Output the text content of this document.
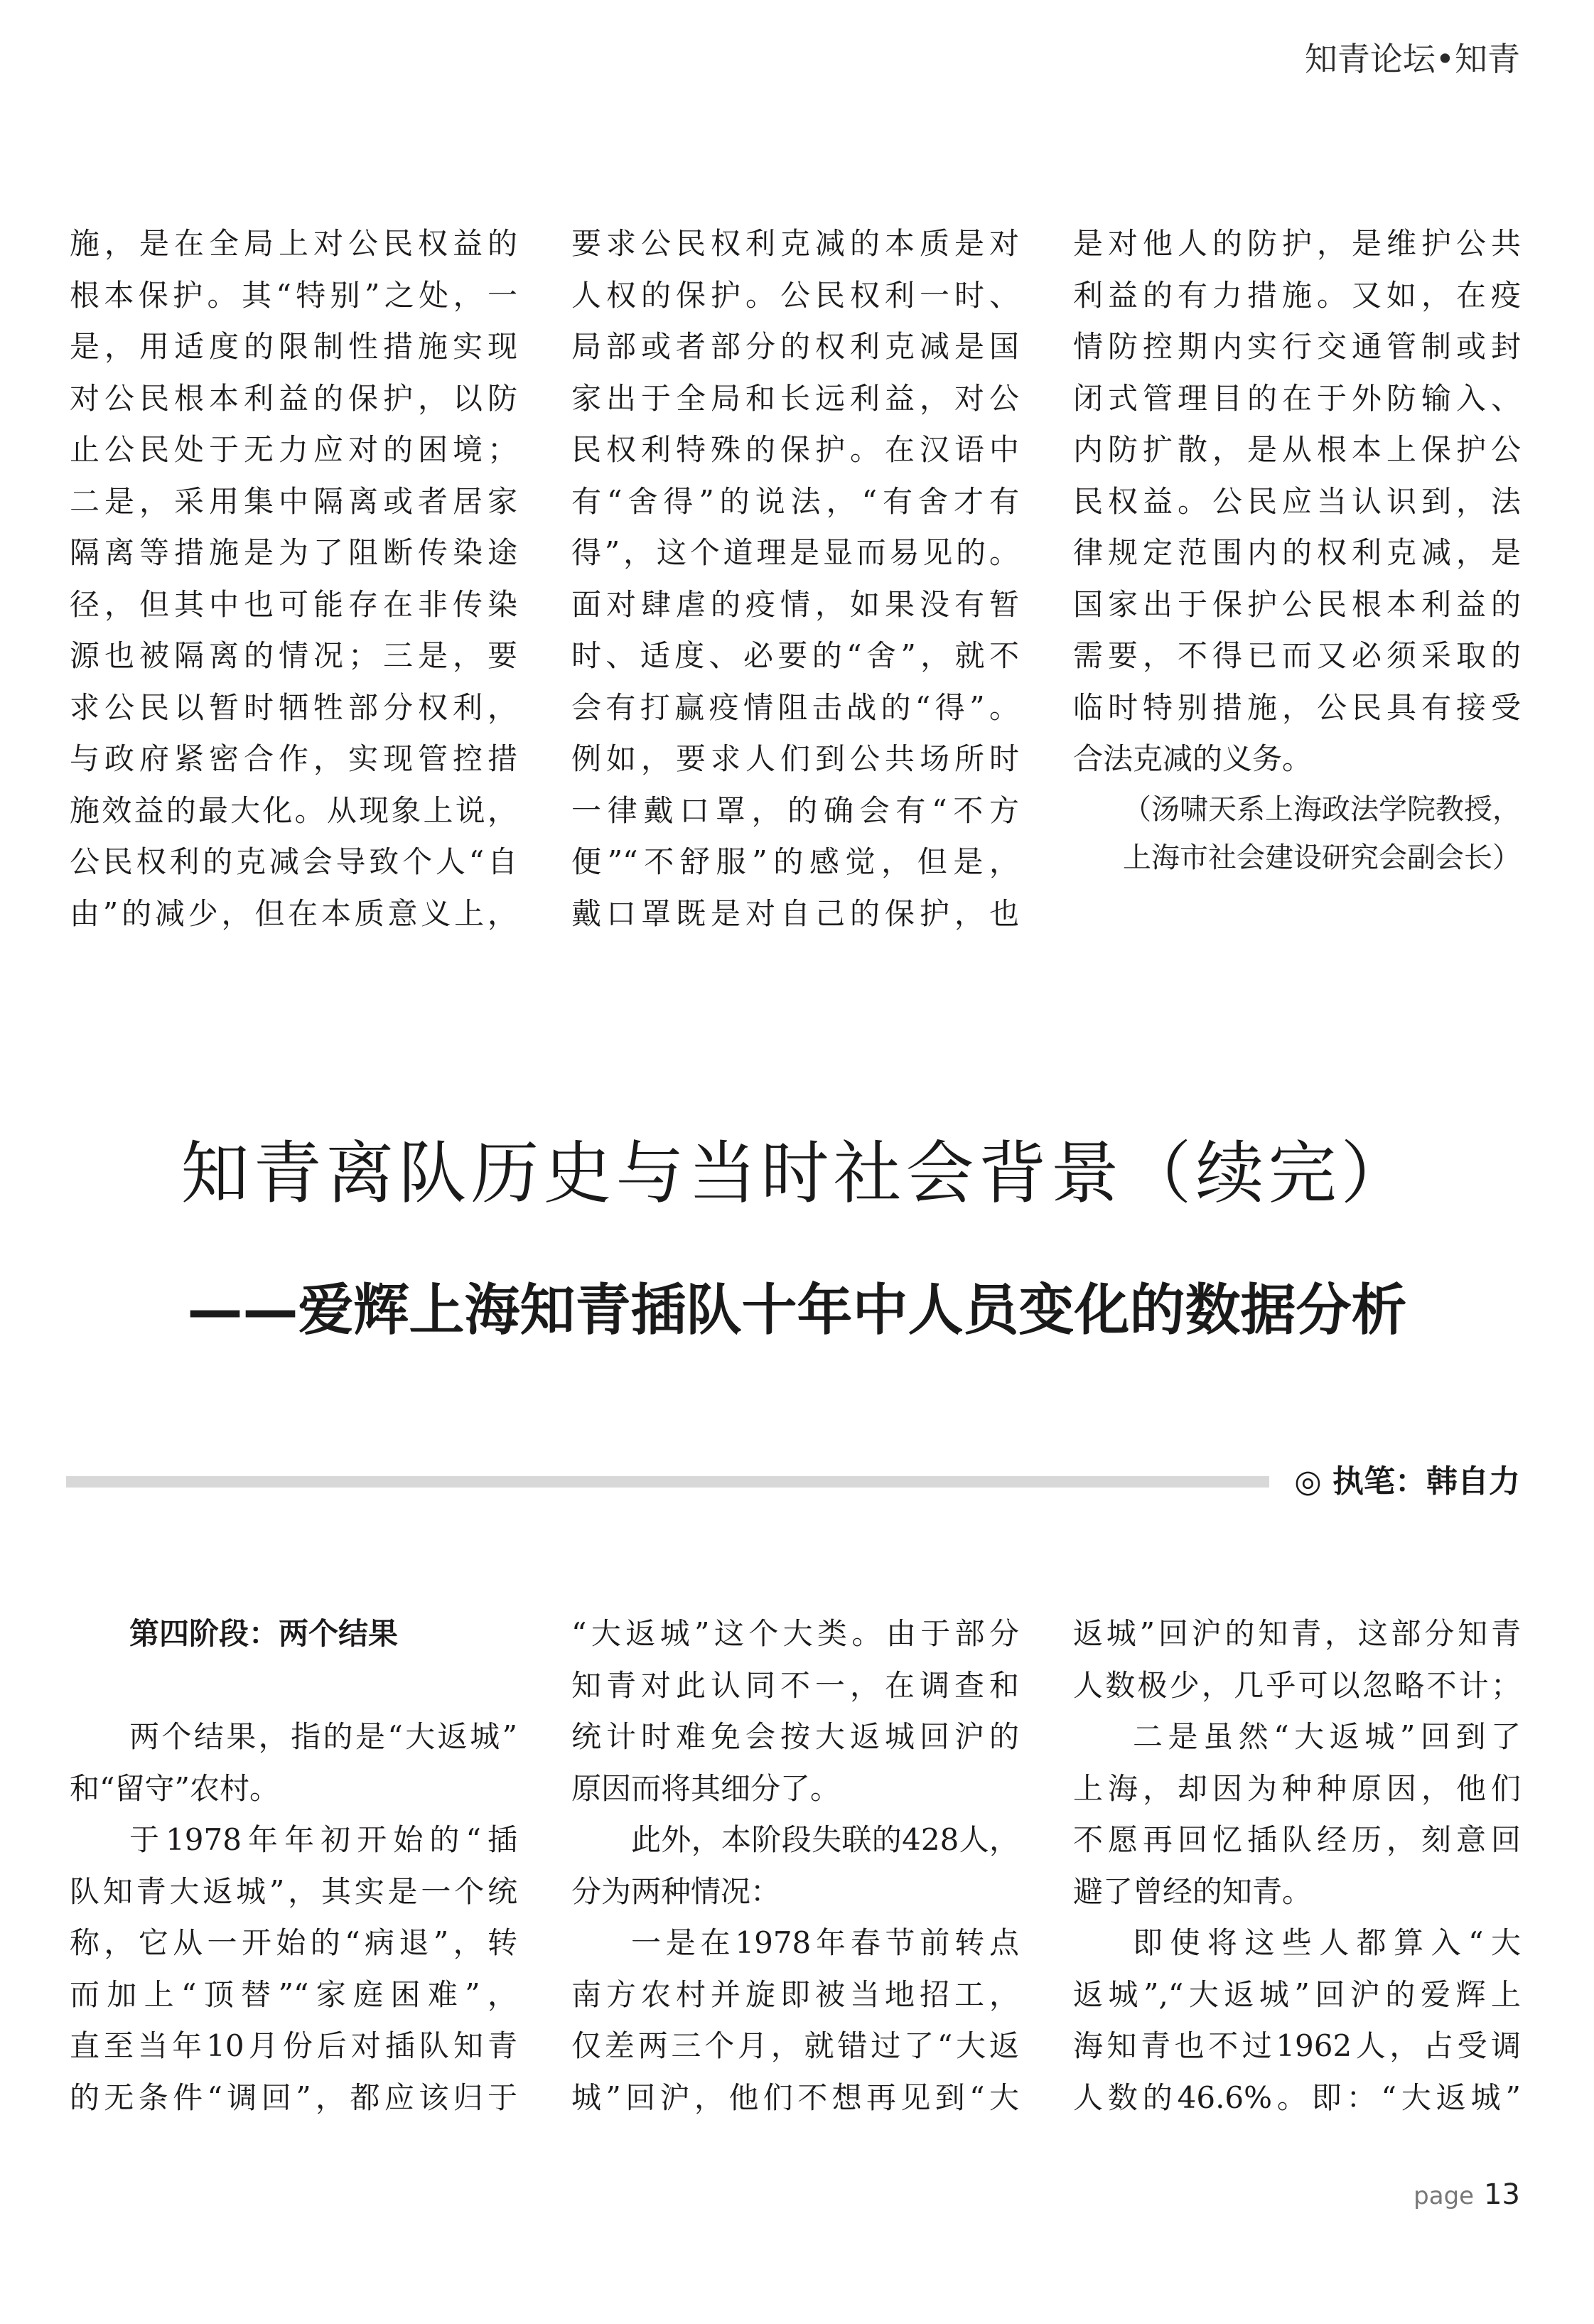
知青论坛•知青
施，是在全局上对公民权益的
根本保护。其“特别”之处，一
是，用适度的限制性措施实现
对公民根本利益的保护，以防
止公民处于无力应对的困境；
二是，采用集中隔离或者居家
隔离等措施是为了阻断传染途
径，但其中也可能存在非传染
源也被隔离的情况；三是，要
求公民以暂时牺牲部分权利，
与政府紧密合作，实现管控措
施效益的最大化。从现象上说，
公民权利的克减会导致个人“自
由”的减少，但在本质意义上，
要求公民权利克减的本质是对
人权的保护。公民权利一时、
局部或者部分的权利克减是国
家出于全局和长远利益，对公
民权利特殊的保护。在汉语中
有“舍得”的说法，“有舍才有
得”，这个道理是显而易见的。
面对肆虐的疫情，如果没有暂
时、适度、必要的“舍”，就不
会有打赢疫情阻击战的“得”。
例如，要求人们到公共场所时
一律戴口罩，的确会有“不方
便”“不舒服”的感觉，但是，
戴口罩既是对自己的保护，也
是对他人的防护，是维护公共
利益的有力措施。又如，在疫
情防控期内实行交通管制或封
闭式管理目的在于外防输入、
内防扩散，是从根本上保护公
民权益。公民应当认识到，法
律规定范围内的权利克减，是
国家出于保护公民根本利益的
需要，不得已而又必须采取的
临时特别措施，公民具有接受
合法克减的义务。
（汤啸天系上海政法学院教授，
上海市社会建设研究会副会长）
知青离队历史与当时社会背景（续完）
——爱辉上海知青插队十年中人员变化的数据分析
◎ 执笔：韩自力
第四阶段：两个结果
两个结果，指的是“大返城”
和“留守”农村。
于1978年年初开始的“插
队知青大返城”，其实是一个统
称，它从一开始的“病退”，转
而加上“顶替”“家庭困难”，
直至当年10月份后对插队知青
的无条件“调回”，都应该归于
“大返城”这个大类。由于部分
知青对此认同不一，在调查和
统计时难免会按大返城回沪的
原因而将其细分了。
此外，本阶段失联的428人，
分为两种情况：
一是在1978年春节前转点
南方农村并旋即被当地招工，
仅差两三个月，就错过了“大返
城”回沪，他们不想再见到“大
返城”回沪的知青，这部分知青
人数极少，几乎可以忽略不计；
二是虽然“大返城”回到了
上海，却因为种种原因，他们
不愿再回忆插队经历，刻意回
避了曾经的知青。
即使将这些人都算入“大
返城”,“大返城”回沪的爱辉上
海知青也不过1962人，占受调
人数的46.6%。即：“大返城”
page 13
